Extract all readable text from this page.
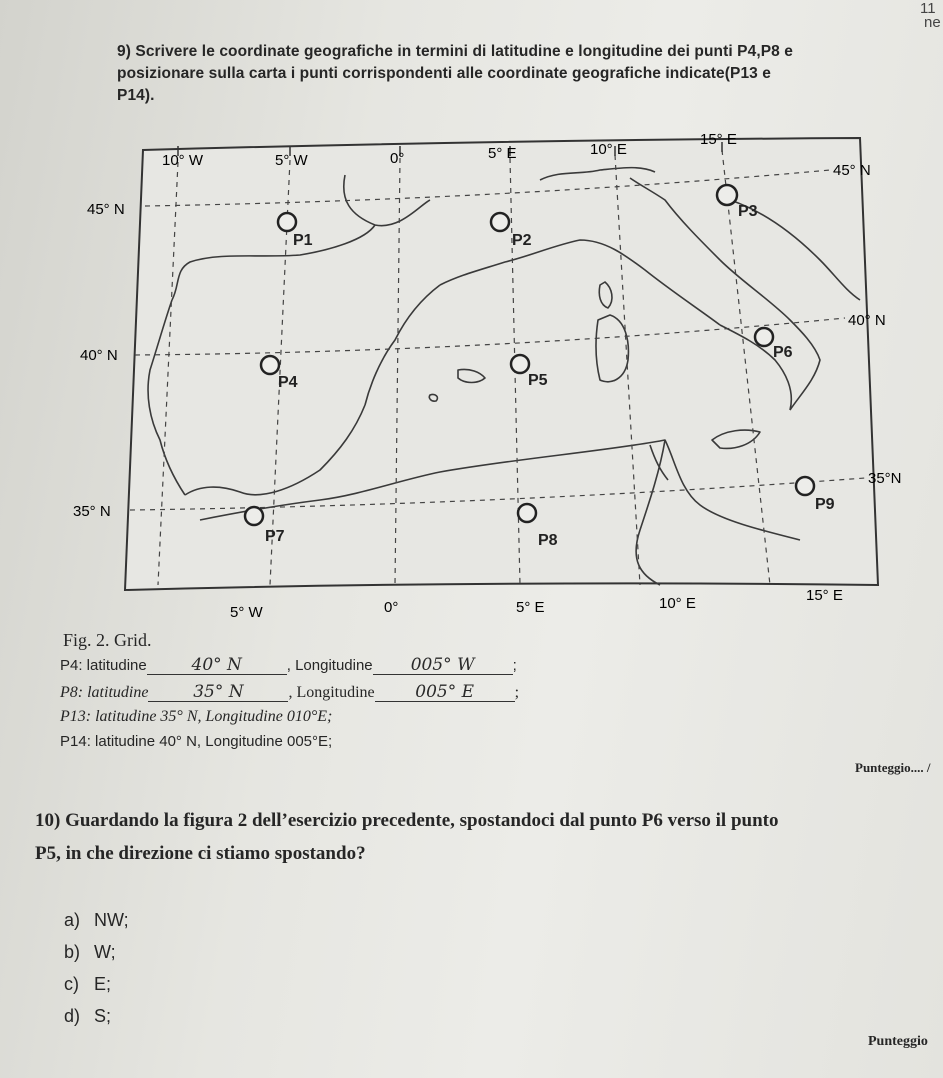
11
ne
9) Scrivere le coordinate geografiche in termini di latitudine e longitudine dei punti P4,P8 e
posizionare sulla carta i punti corrispondenti alle coordinate geografiche indicate(P13 e
P14).
10° W	5° W	0°	5° E	10° E
15° E
5° W	0°	5° E	10° E	15° E
45° N
40° N
35° N
45° N
40° N
35°N
P1	P2
P3
P4	P5
P6
P7	P8
P9
Fig. 2. Grid.
P4: latitudine	40° N	, Longitudine 005° W	;
P8: latitudine	35° N	, Longitudine 005° E	;
P13: latitudine 35° N, Longitudine 010°E;
P14: latitudine 40° N, Longitudine 005°E;
Punteggio.... /
10) Guardando la figura 2 dell’esercizio precedente, spostandoci dal punto P6 verso il punto
P5, in che direzione ci stiamo spostando?
a) NW;
b) W;
c) E;
d) S;
Punteggio
